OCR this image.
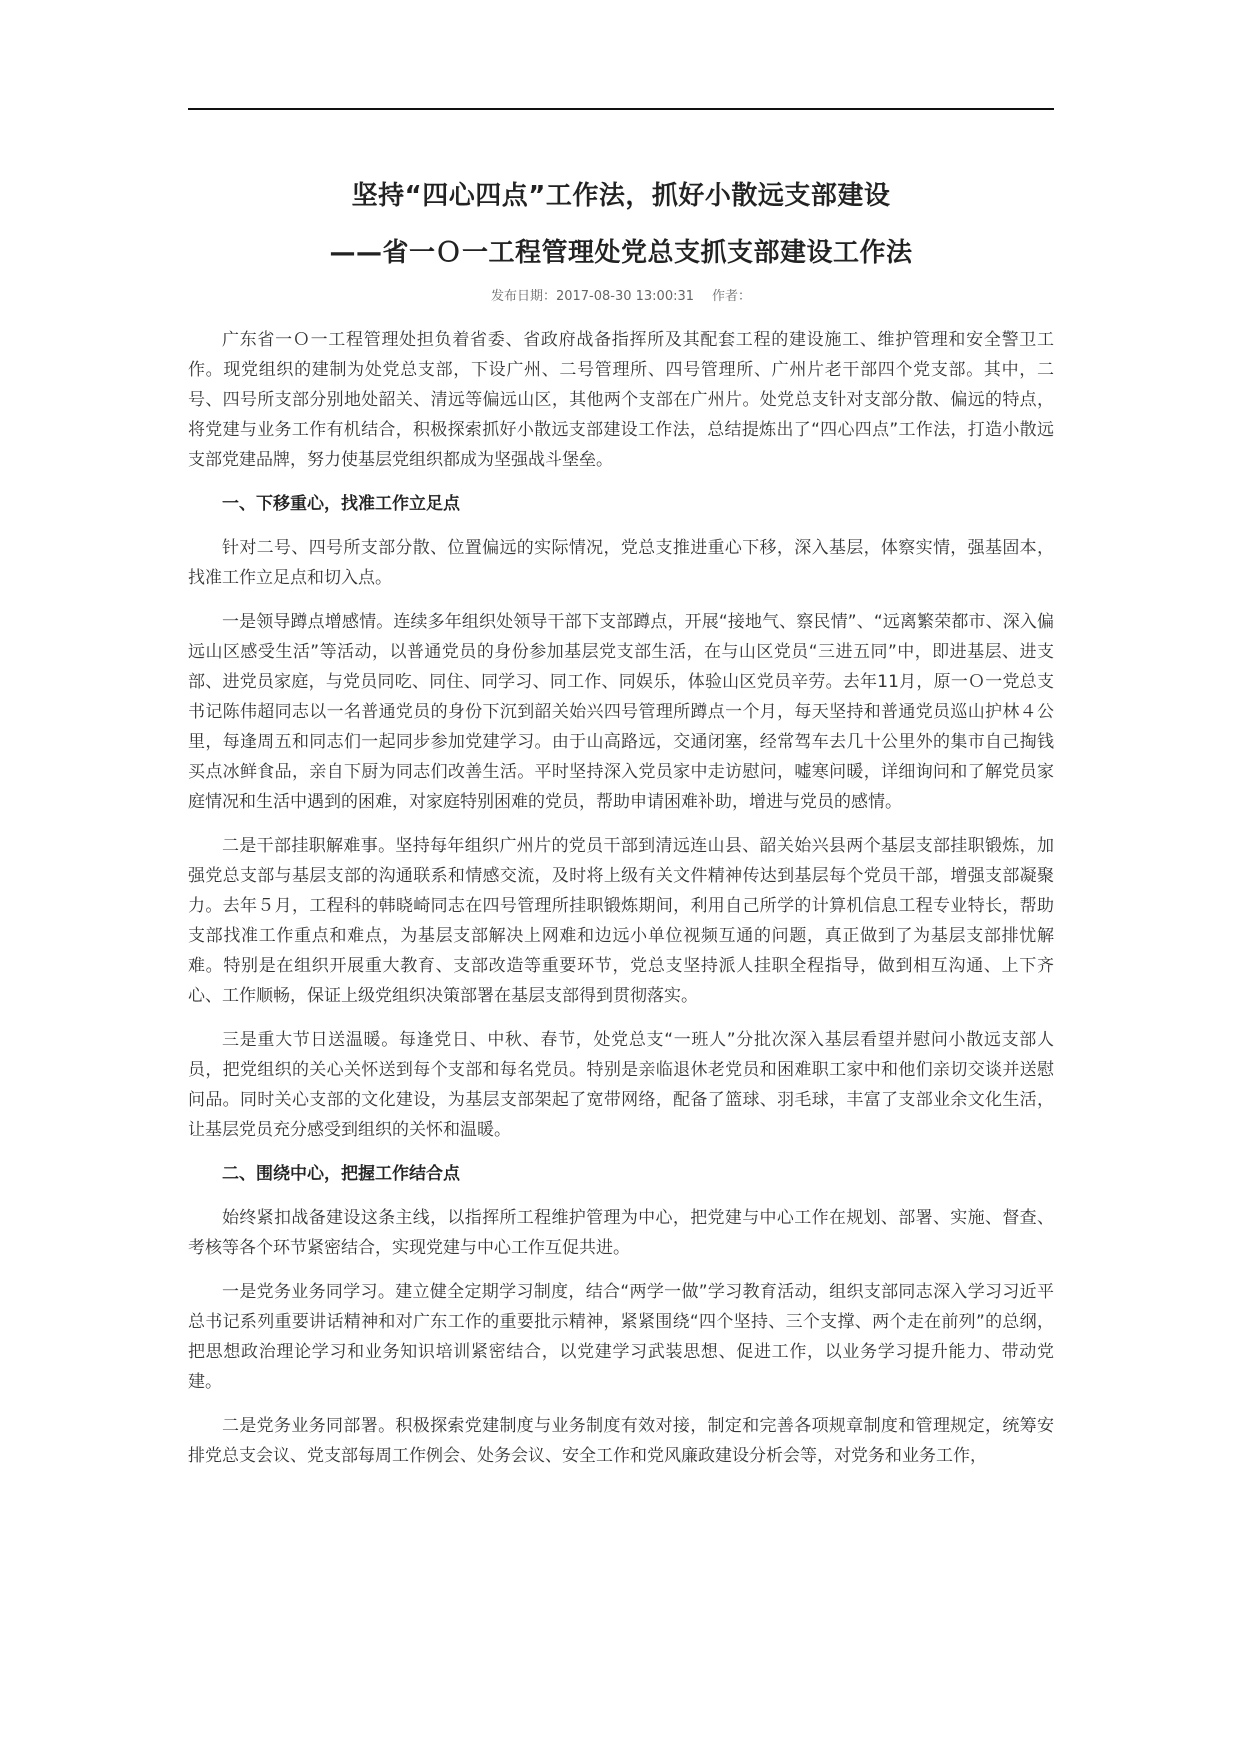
坚持“四心四点”工作法，抓好小散远支部建设
——省一Ｏ一工程管理处党总支抓支部建设工作法
发布日期：2017-08-30 13:00:31 作者：

广东省一Ｏ一工程管理处担负着省委、省政府战备指挥所及其配套工程的建设施工、维护管理和安全警卫工作。现党组织的建制为处党总支部，下设广州、二号管理所、四号管理所、广州片老干部四个党支部。其中，二号、四号所支部分别地处韶关、清远等偏远山区，其他两个支部在广州片。处党总支针对支部分散、偏远的特点，将党建与业务工作有机结合，积极探索抓好小散远支部建设工作法，总结提炼出了“四心四点”工作法，打造小散远支部党建品牌，努力使基层党组织都成为坚强战斗堡垒。

一、下移重心，找准工作立足点

针对二号、四号所支部分散、位置偏远的实际情况，党总支推进重心下移，深入基层，体察实情，强基固本，找准工作立足点和切入点。

一是领导蹲点增感情。连续多年组织处领导干部下支部蹲点，开展“接地气、察民情”、“远离繁荣都市、深入偏远山区感受生活”等活动，以普通党员的身份参加基层党支部生活，在与山区党员“三进五同”中，即进基层、进支部、进党员家庭，与党员同吃、同住、同学习、同工作、同娱乐，体验山区党员辛劳。去年11月，原一Ｏ一党总支书记陈伟超同志以一名普通党员的身份下沉到韶关始兴四号管理所蹲点一个月，每天坚持和普通党员巡山护林４公里，每逢周五和同志们一起同步参加党建学习。由于山高路远，交通闭塞，经常驾车去几十公里外的集市自己掏钱买点冰鲜食品，亲自下厨为同志们改善生活。平时坚持深入党员家中走访慰问，嘘寒问暖，详细询问和了解党员家庭情况和生活中遇到的困难，对家庭特别困难的党员，帮助申请困难补助，增进与党员的感情。

二是干部挂职解难事。坚持每年组织广州片的党员干部到清远连山县、韶关始兴县两个基层支部挂职锻炼，加强党总支部与基层支部的沟通联系和情感交流，及时将上级有关文件精神传达到基层每个党员干部，增强支部凝聚力。去年５月，工程科的韩晓崎同志在四号管理所挂职锻炼期间，利用自己所学的计算机信息工程专业特长，帮助支部找准工作重点和难点，为基层支部解决上网难和边远小单位视频互通的问题，真正做到了为基层支部排忧解难。特别是在组织开展重大教育、支部改造等重要环节，党总支坚持派人挂职全程指导，做到相互沟通、上下齐心、工作顺畅，保证上级党组织决策部署在基层支部得到贯彻落实。

三是重大节日送温暖。每逢党日、中秋、春节，处党总支“一班人”分批次深入基层看望并慰问小散远支部人员，把党组织的关心关怀送到每个支部和每名党员。特别是亲临退休老党员和困难职工家中和他们亲切交谈并送慰问品。同时关心支部的文化建设，为基层支部架起了宽带网络，配备了篮球、羽毛球，丰富了支部业余文化生活，让基层党员充分感受到组织的关怀和温暖。

二、围绕中心，把握工作结合点

始终紧扣战备建设这条主线，以指挥所工程维护管理为中心，把党建与中心工作在规划、部署、实施、督查、考核等各个环节紧密结合，实现党建与中心工作互促共进。

一是党务业务同学习。建立健全定期学习制度，结合“两学一做”学习教育活动，组织支部同志深入学习习近平总书记系列重要讲话精神和对广东工作的重要批示精神，紧紧围绕“四个坚持、三个支撑、两个走在前列”的总纲，把思想政治理论学习和业务知识培训紧密结合，以党建学习武装思想、促进工作，以业务学习提升能力、带动党建。

二是党务业务同部署。积极探索党建制度与业务制度有效对接，制定和完善各项规章制度和管理规定，统筹安排党总支会议、党支部每周工作例会、处务会议、安全工作和党风廉政建设分析会等，对党务和业务工作，
